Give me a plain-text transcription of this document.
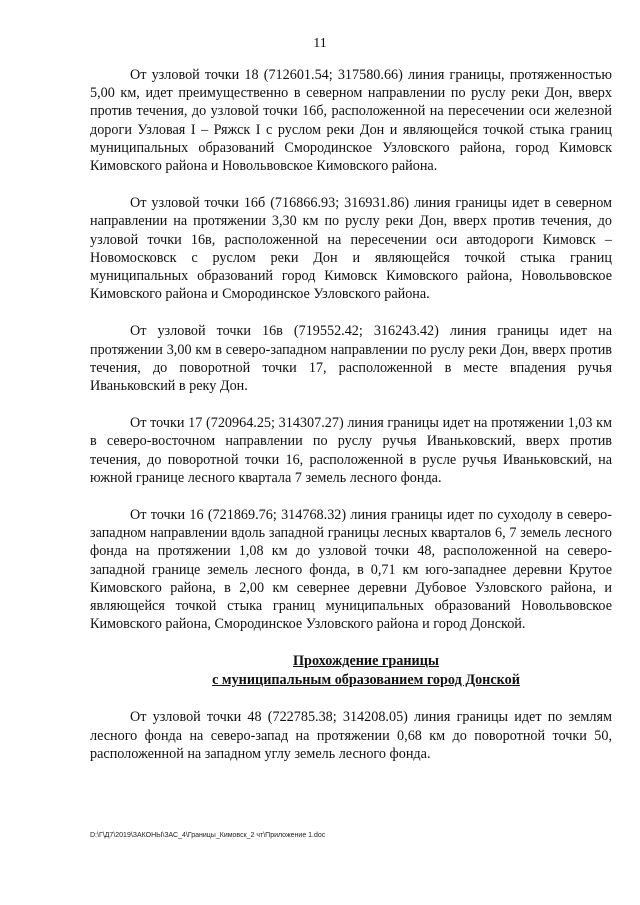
11

От узловой точки 18 (712601.54; 317580.66) линия границы, протяженностью 5,00 км, идет преимущественно в северном направлении по руслу реки Дон, вверх против течения, до узловой точки 16б, расположенной на пересечении оси железной дороги Узловая I – Ряжск I с руслом реки Дон и являющейся точкой стыка границ муниципальных образований Смородинское Узловского района, город Кимовск Кимовского района и Новольвовское Кимовского района.

От узловой точки 16б (716866.93; 316931.86) линия границы идет в северном направлении на протяжении 3,30 км по руслу реки Дон, вверх против течения, до узловой точки 16в, расположенной на пересечении оси автодороги Кимовск – Новомосковск с руслом реки Дон и являющейся точкой стыка границ муниципальных образований город Кимовск Кимовского района, Новольвовское Кимовского района и Смородинское Узловского района.

От узловой точки 16в (719552.42; 316243.42) линия границы идет на протяжении 3,00 км в северо-западном направлении по руслу реки Дон, вверх против течения, до поворотной точки 17, расположенной в месте впадения ручья Иваньковский в реку Дон.

От точки 17 (720964.25; 314307.27) линия границы идет на протяжении 1,03 км в северо-восточном направлении по руслу ручья Иваньковский, вверх против течения, до поворотной точки 16, расположенной в русле ручья Иваньковский, на южной границе лесного квартала 7 земель лесного фонда.

От точки 16 (721869.76; 314768.32) линия границы идет по суходолу в северо-западном направлении вдоль западной границы лесных кварталов 6, 7 земель лесного фонда на протяжении 1,08 км до узловой точки 48, расположенной на северо-западной границе земель лесного фонда, в 0,71 км юго-западнее деревни Крутое Кимовского района, в 2,00 км севернее деревни Дубовое Узловского района, и являющейся точкой стыка границ муниципальных образований Новольвовское Кимовского района, Смородинское Узловского района и город Донской.

Прохождение границы
с муниципальным образованием город Донской

От узловой точки 48 (722785.38; 314208.05) линия границы идет по землям лесного фонда на северо-запад на протяжении 0,68 км до поворотной точки 50, расположенной на западном углу земель лесного фонда.

D:\Г\Д7\2019\ЗАКОНЫ\ЗАС_4\Границы_Кимовск_2 чт\Приложение 1.doc
